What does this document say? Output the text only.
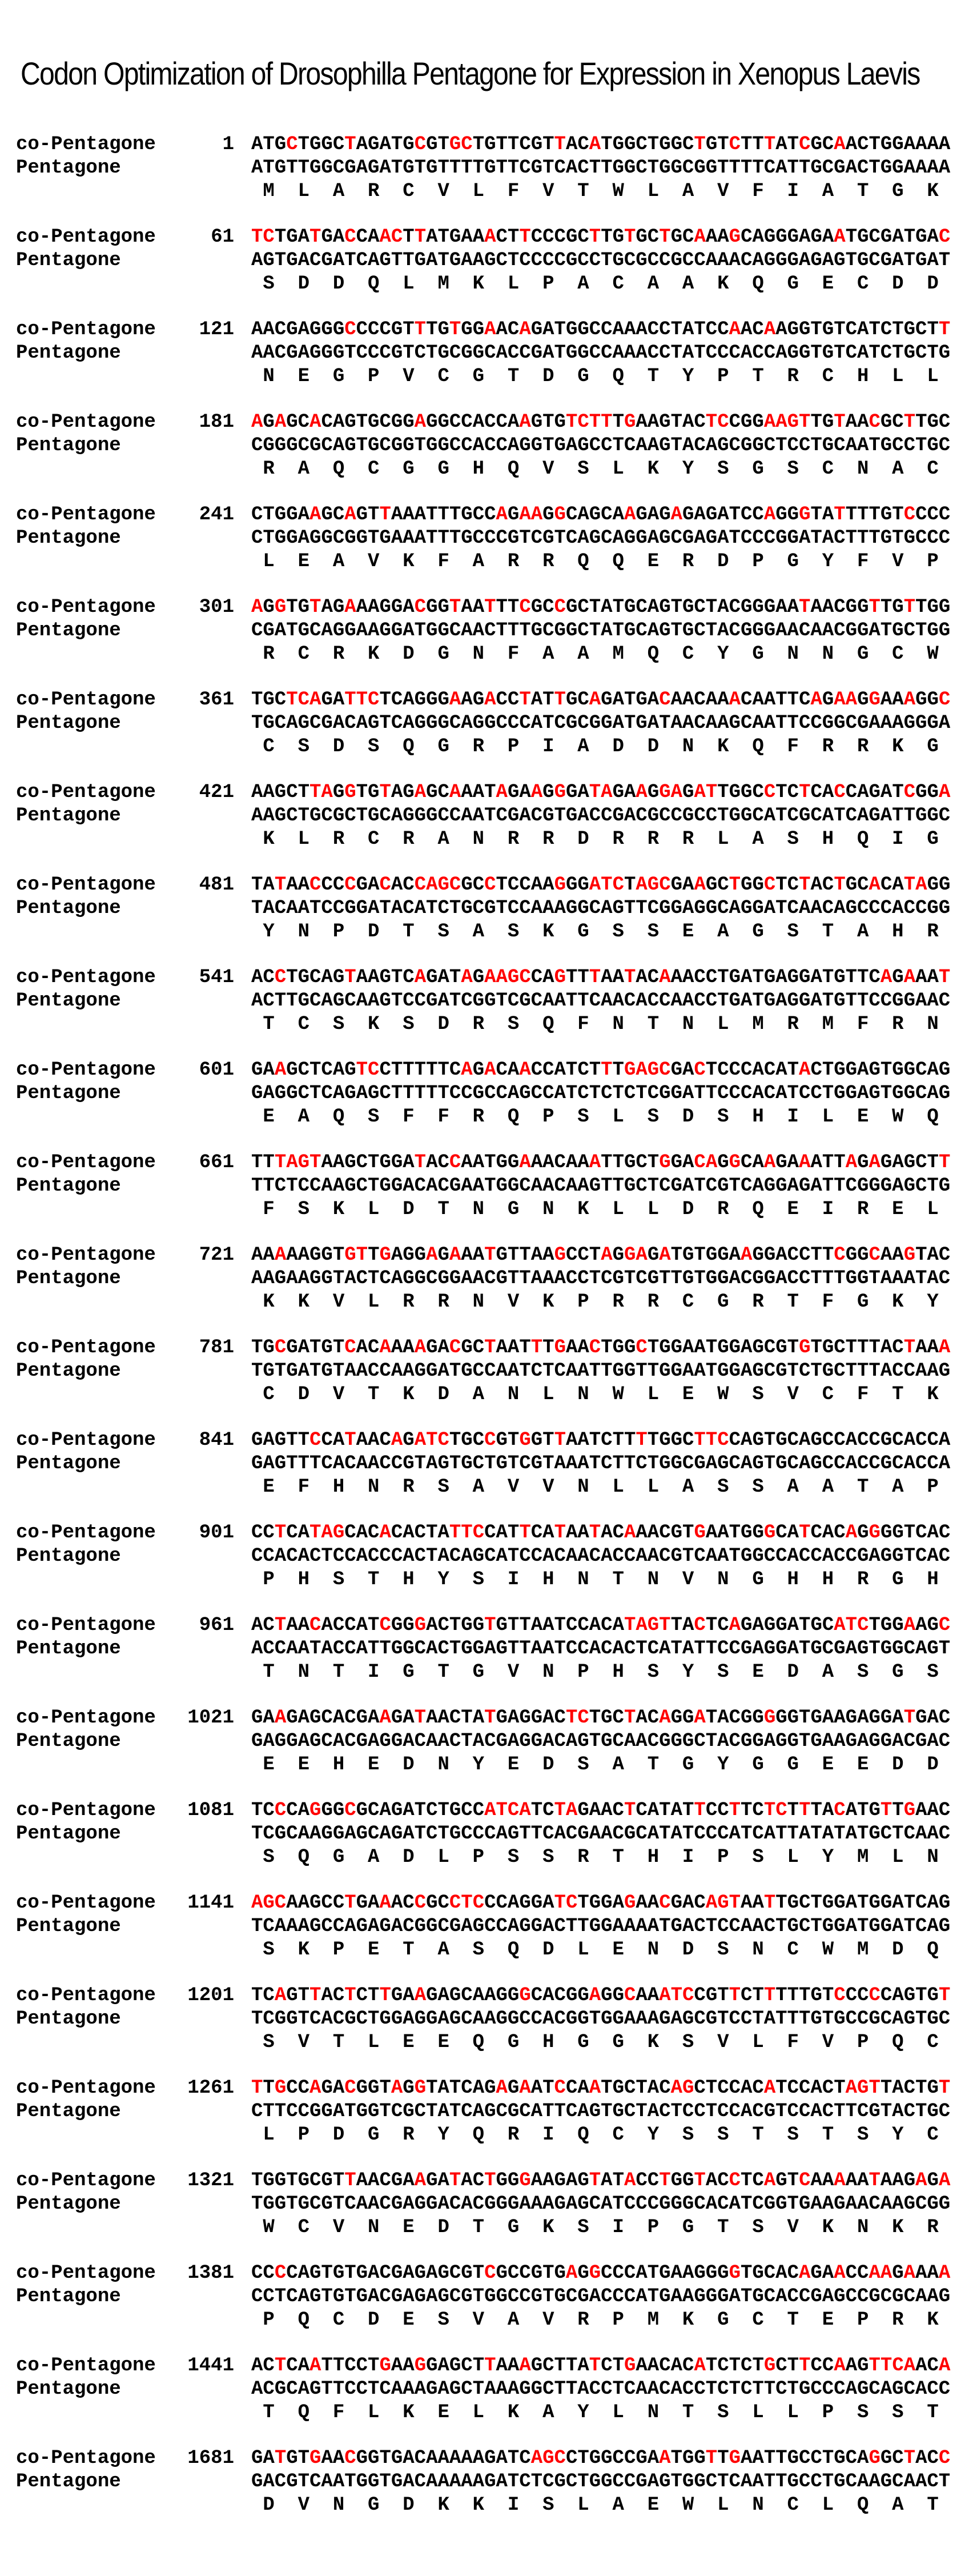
Codon Optimization of Drosophilla Pentagone for Expression in Xenopus Laevis
co-Pentagone	1 ATGCTGGCTAGATGCGTGCTGTTCGTTACATGGCTGGCTGTCTTTATCGCAACTGGAAAA
Pentagone	ATGTTGGCGAGATGTGTTTTGTTCGTCACTTGGCTGGCGGTTTTCATTGCGACTGGAAAA
M  L  A  R  C  V  L  F  V  T  W  L  A  V  F  I  A  T  G  K
co-Pentagone	61 TCTGATGACCAACTTATGAAACTTCCCGCTTGTGCTGCAAAGCAGGGAGAATGCGATGAC
Pentagone	AGTGACGATCAGTTGATGAAGCTCCCCGCCTGCGCCGCCAAACAGGGAGAGTGCGATGAT
S  D  D  Q  L  M  K  L  P  A  C  A  A  K  Q  G  E  C  D  D
co-Pentagone	121 AACGAGGGCCCCGTTTGTGGAACAGATGGCCAAACCTATCCAACAAGGTGTCATCTGCTT
Pentagone	AACGAGGGTCCCGTCTGCGGCACCGATGGCCAAACCTATCCCACCAGGTGTCATCTGCTG
N  E  G  P  V  C  G  T  D  G  Q  T  Y  P  T  R  C  H  L  L
co-Pentagone	181 AGAGCACAGTGCGGAGGCCACCAAGTGTCTTTGAAGTACTCCGGAAGTTGTAACGCTTGC
Pentagone	CGGGCGCAGTGCGGTGGCCACCAGGTGAGCCTCAAGTACAGCGGCTCCTGCAATGCCTGC
R  A  Q  C  G  G  H  Q  V  S  L  K  Y  S  G  S  C  N  A  C
co-Pentagone	241 CTGGAAGCAGTTAAATTTGCCAGAAGGCAGCAAGAGAGAGATCCAGGGTATTTTGTCCCC
Pentagone	CTGGAGGCGGTGAAATTTGCCCGTCGTCAGCAGGAGCGAGATCCCGGATACTTTGTGCCC
L  E  A  V  K  F  A  R  R  Q  Q  E  R  D  P  G  Y  F  V  P
co-Pentagone	301 AGGTGTAGAAAGGACGGTAATTTCGCCGCTATGCAGTGCTACGGGAATAACGGTTGTTGG
Pentagone	CGATGCAGGAAGGATGGCAACTTTGCGGCTATGCAGTGCTACGGGAACAACGGATGCTGG
R  C  R  K  D  G  N  F  A  A  M  Q  C  Y  G  N  N  G  C  W
co-Pentagone	361 TGCTCAGATTCTCAGGGAAGACCTATTGCAGATGACAACAAACAATTCAGAAGGAAAGGC
Pentagone	TGCAGCGACAGTCAGGGCAGGCCCATCGCGGATGATAACAAGCAATTCCGGCGAAAGGGA
C  S  D  S  Q  G  R  P  I  A  D  D  N  K  Q  F  R  R  K  G
co-Pentagone	421 AAGCTTAGGTGTAGAGCAAATAGAAGGGATAGAAGGAGATTGGCCTCTCACCAGATCGGA
Pentagone	AAGCTGCGCTGCAGGGCCAATCGACGTGACCGACGCCGCCTGGCATCGCATCAGATTGGC
K  L  R  C  R  A  N  R  R  D  R  R  R  L  A  S  H  Q  I  G
co-Pentagone	481 TATAACCCCGACACCAGCGCCTCCAAGGGATCTAGCGAAGCTGGCTCTACTGCACATAGG
Pentagone	TACAATCCGGATACATCTGCGTCCAAAGGCAGTTCGGAGGCAGGATCAACAGCCCACCGG
Y  N  P  D  T  S  A  S  K  G  S  S  E  A  G  S  T  A  H  R
co-Pentagone	541 ACCTGCAGTAAGTCAGATAGAAGCCAGTTTAATACAAACCTGATGAGGATGTTCAGAAAT
Pentagone	ACTTGCAGCAAGTCCGATCGGTCGCAATTCAACACCAACCTGATGAGGATGTTCCGGAAC
T  C  S  K  S  D  R  S  Q  F  N  T  N  L  M  R  M  F  R  N
co-Pentagone	601 GAAGCTCAGTCCTTTTTCAGACAACCATCTTTGAGCGACTCCCACATACTGGAGTGGCAG
Pentagone	GAGGCTCAGAGCTTTTTCCGCCAGCCATCTCTCTCGGATTCCCACATCCTGGAGTGGCAG
E  A  Q  S  F  F  R  Q  P  S  L  S  D  S  H  I  L  E  W  Q
co-Pentagone	661 TTTAGTAAGCTGGATACCAATGGAAACAAATTGCTGGACAGGCAAGAAATTAGAGAGCTT
Pentagone	TTCTCCAAGCTGGACACGAATGGCAACAAGTTGCTCGATCGTCAGGAGATTCGGGAGCTG
F  S  K  L  D  T  N  G  N  K  L  L  D  R  Q  E  I  R  E  L
co-Pentagone	721 AAAAAGGTGTTGAGGAGAAATGTTAAGCCTAGGAGATGTGGAAGGACCTTCGGCAAGTAC
Pentagone	AAGAAGGTACTCAGGCGGAACGTTAAACCTCGTCGTTGTGGACGGACCTTTGGTAAATAC
K  K  V  L  R  R  N  V  K  P  R  R  C  G  R  T  F  G  K  Y
co-Pentagone	781 TGCGATGTCACAAAAGACGCTAATTTGAACTGGCTGGAATGGAGCGTGTGCTTTACTAAA
Pentagone	TGTGATGTAACCAAGGATGCCAATCTCAATTGGTTGGAATGGAGCGTCTGCTTTACCAAG
C  D  V  T  K  D  A  N  L  N  W  L  E  W  S  V  C  F  T  K
co-Pentagone	841 GAGTTCCATAACAGATCTGCCGTGGTTAATCTTTTGGCTTCCAGTGCAGCCACCGCACCA
Pentagone	GAGTTTCACAACCGTAGTGCTGTCGTAAATCTTCTGGCGAGCAGTGCAGCCACCGCACCA
E  F  H  N  R  S  A  V  V  N  L  L  A  S  S  A  A  T  A  P
co-Pentagone	901 CCTCATAGCACACACTATTCCATTCATAATACAAACGTGAATGGGCATCACAGGGGTCAC
Pentagone	CCACACTCCACCCACTACAGCATCCACAACACCAACGTCAATGGCCACCACCGAGGTCAC
P  H  S  T  H  Y  S  I  H  N  T  N  V  N  G  H  H  R  G  H
co-Pentagone	961 ACTAACACCATCGGGACTGGTGTTAATCCACATAGTTACTCAGAGGATGCATCTGGAAGC
Pentagone	ACCAATACCATTGGCACTGGAGTTAATCCACACTCATATTCCGAGGATGCGAGTGGCAGT
T  N  T  I  G  T  G  V  N  P  H  S  Y  S  E  D  A  S  G  S
co-Pentagone	1021 GAAGAGCACGAAGATAACTATGAGGACTCTGCTACAGGATACGGGGGTGAAGAGGATGAC
Pentagone	GAGGAGCACGAGGACAACTACGAGGACAGTGCAACGGGCTACGGAGGTGAAGAGGACGAC
E  E  H  E  D  N  Y  E  D  S  A  T  G  Y  G  G  E  E  D  D
co-Pentagone	1081 TCCCAGGGCGCAGATCTGCCATCATCTAGAACTCATATTCCTTCTCTTTACATGTTGAAC
Pentagone	TCGCAAGGAGCAGATCTGCCCAGTTCACGAACGCATATCCCATCATTATATATGCTCAAC
S  Q  G  A  D  L  P  S  S  R  T  H  I  P  S  L  Y  M  L  N
co-Pentagone	1141 AGCAAGCCTGAAACCGCCTCCCAGGATCTGGAGAACGACAGTAATTGCTGGATGGATCAG
Pentagone	TCAAAGCCAGAGACGGCGAGCCAGGACTTGGAAAATGACTCCAACTGCTGGATGGATCAG
S  K  P  E  T  A  S  Q  D  L  E  N  D  S  N  C  W  M  D  Q
co-Pentagone	1201 TCAGTTACTCTTGAAGAGCAAGGGCACGGAGGCAAATCCGTTCTTTTTGTCCCCCAGTGT
Pentagone	TCGGTCACGCTGGAGGAGCAAGGCCACGGTGGAAAGAGCGTCCTATTTGTGCCGCAGTGC
S  V  T  L  E  E  Q  G  H  G  G  K  S  V  L  F  V  P  Q  C
co-Pentagone	1261 TTGCCAGACGGTAGGTATCAGAGAATCCAATGCTACAGCTCCACATCCACTAGTTACTGT
Pentagone	CTTCCGGATGGTCGCTATCAGCGCATTCAGTGCTACTCCTCCACGTCCACTTCGTACTGC
L  P  D  G  R  Y  Q  R  I  Q  C  Y  S  S  T  S  T  S  Y  C
co-Pentagone	1321 TGGTGCGTTAACGAAGATACTGGGAAGAGTATACCTGGTACCTCAGTCAAAAATAAGAGA
Pentagone	TGGTGCGTCAACGAGGACACGGGAAAGAGCATCCCGGGCACATCGGTGAAGAACAAGCGG
W  C  V  N  E  D  T  G  K  S  I  P  G  T  S  V  K  N  K  R
co-Pentagone	1381 CCCCAGTGTGACGAGAGCGTCGCCGTGAGGCCCATGAAGGGGTGCACAGAACCAAGAAAA
Pentagone	CCTCAGTGTGACGAGAGCGTGGCCGTGCGACCCATGAAGGGATGCACCGAGCCGCGCAAG
P  Q  C  D  E  S  V  A  V  R  P  M  K  G  C  T  E  P  R  K
co-Pentagone	1441 ACTCAATTCCTGAAGGAGCTTAAAGCTTATCTGAACACATCTCTGCTTCCAAGTTCAACA
Pentagone	ACGCAGTTCCTCAAAGAGCTAAAGGCTTACCTCAACACCTCTCTTCTGCCCAGCAGCACC
T  Q  F  L  K  E  L  K  A  Y  L  N  T  S  L  L  P  S  S  T
co-Pentagone	1681 GATGTGAACGGTGACAAAAAGATCAGCCTGGCCGAATGGTTGAATTGCCTGCAGGCTACC
Pentagone	GACGTCAATGGTGACAAAAAGATCTCGCTGGCCGAGTGGCTCAATTGCCTGCAAGCAACT
D  V  N  G  D  K  K  I  S  L  A  E  W  L  N  C  L  Q  A  T
